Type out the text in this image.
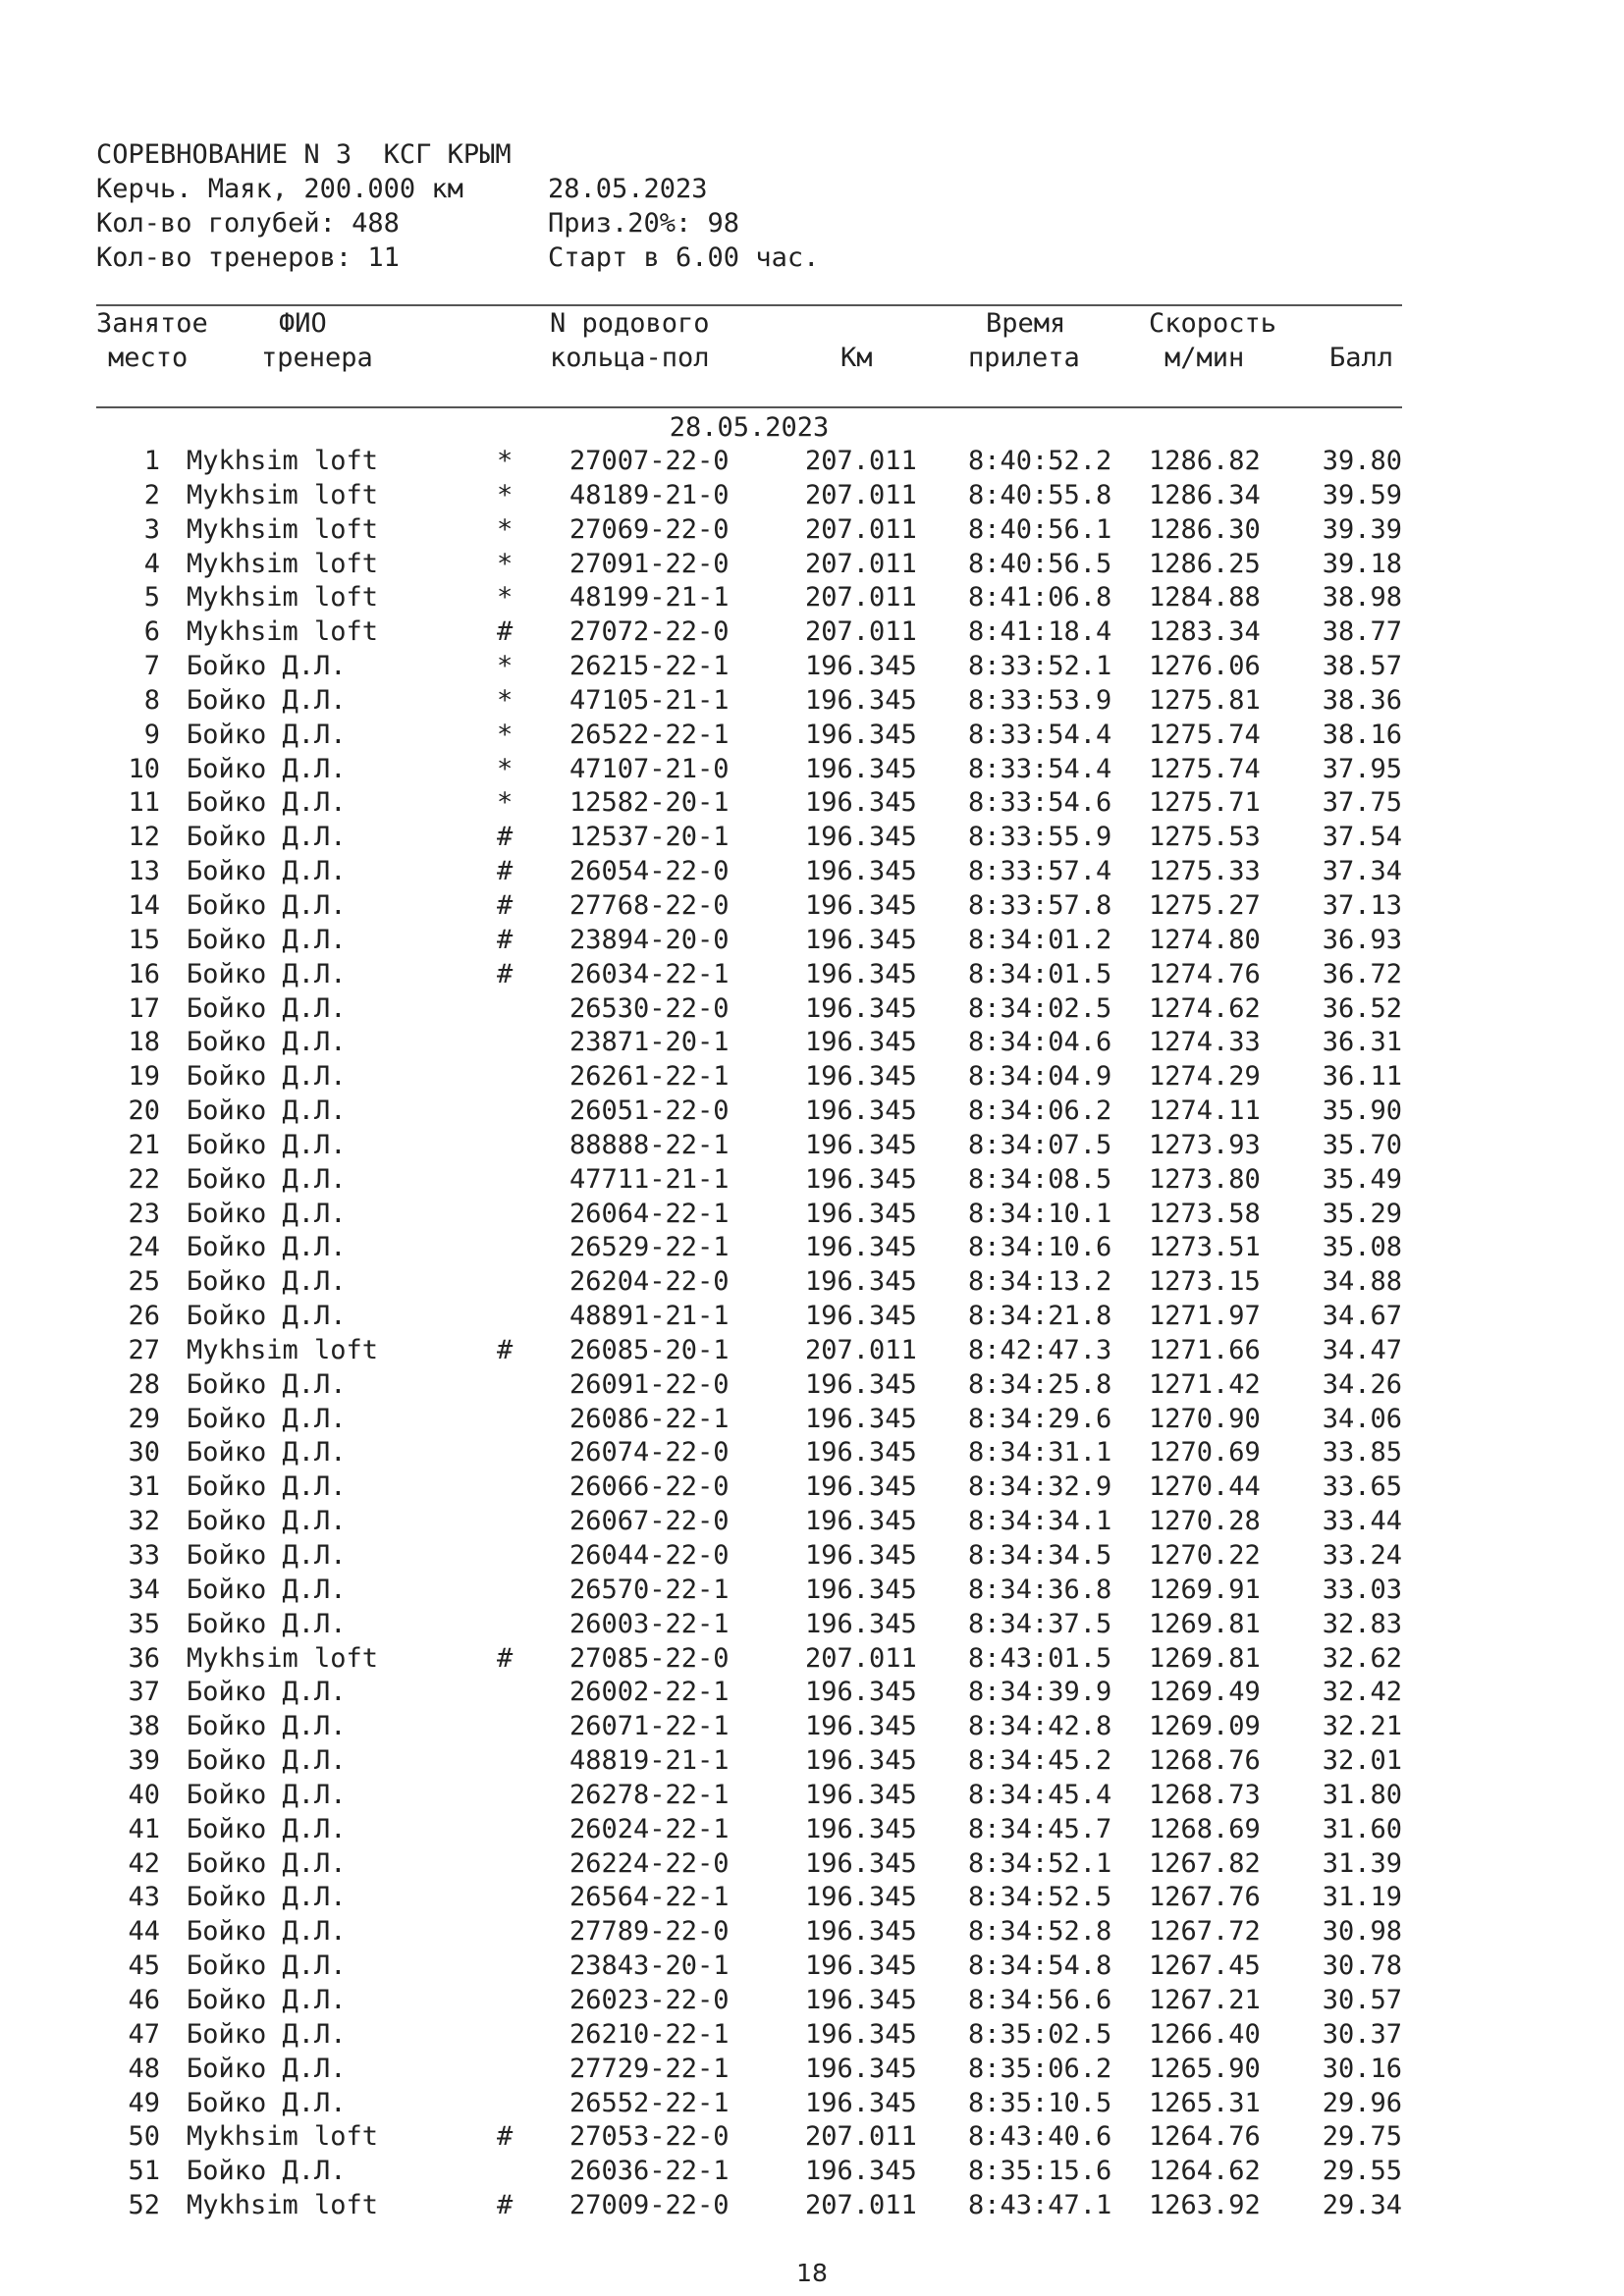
СОРЕВНОВАНИЕ N 3  КСГ КРЫМ
Керчь. Маяк, 200.000 км	28.05.2023
Кол-во голубей: 488	Приз.20%: 98
Кол-во тренеров: 11	Старт в 6.00 час.
Занятое
место
ФИО
тренера
N родового
кольца-пол
	Км
Время
прилета
Скорость
м/мин
	Балл
28.05.2023
1 Mykhsim loft	* 27007-22-0	207.011 8:40:52.2 1286.82 39.80
2 Mykhsim loft	* 48189-21-0	207.011 8:40:55.8 1286.34 39.59
3 Mykhsim loft	* 27069-22-0	207.011 8:40:56.1 1286.30 39.39
4 Mykhsim loft	* 27091-22-0	207.011 8:40:56.5 1286.25 39.18
5 Mykhsim loft	* 48199-21-1	207.011 8:41:06.8 1284.88 38.98
6 Mykhsim loft	# 27072-22-0	207.011 8:41:18.4 1283.34 38.77
7 Бойко Д.Л.	* 26215-22-1	196.345 8:33:52.1 1276.06 38.57
8 Бойко Д.Л.	* 47105-21-1	196.345 8:33:53.9 1275.81 38.36
9 Бойко Д.Л.	* 26522-22-1	196.345 8:33:54.4 1275.74 38.16
10 Бойко Д.Л.	* 47107-21-0	196.345 8:33:54.4 1275.74 37.95
11 Бойко Д.Л.	* 12582-20-1	196.345 8:33:54.6 1275.71 37.75
12 Бойко Д.Л.	# 12537-20-1	196.345 8:33:55.9 1275.53 37.54
13 Бойко Д.Л.	# 26054-22-0	196.345 8:33:57.4 1275.33 37.34
14 Бойко Д.Л.	# 27768-22-0	196.345 8:33:57.8 1275.27 37.13
15 Бойко Д.Л.	# 23894-20-0	196.345 8:34:01.2 1274.80 36.93
16 Бойко Д.Л.	# 26034-22-1	196.345 8:34:01.5 1274.76 36.72
17 Бойко Д.Л.	26530-22-0	196.345 8:34:02.5 1274.62 36.52
18 Бойко Д.Л.	23871-20-1	196.345 8:34:04.6 1274.33 36.31
19 Бойко Д.Л.	26261-22-1	196.345 8:34:04.9 1274.29 36.11
20 Бойко Д.Л.	26051-22-0	196.345 8:34:06.2 1274.11 35.90
21 Бойко Д.Л.	88888-22-1	196.345 8:34:07.5 1273.93 35.70
22 Бойко Д.Л.	47711-21-1	196.345 8:34:08.5 1273.80 35.49
23 Бойко Д.Л.	26064-22-1	196.345 8:34:10.1 1273.58 35.29
24 Бойко Д.Л.	26529-22-1	196.345 8:34:10.6 1273.51 35.08
25 Бойко Д.Л.	26204-22-0	196.345 8:34:13.2 1273.15 34.88
26 Бойко Д.Л.	48891-21-1	196.345 8:34:21.8 1271.97 34.67
27 Mykhsim loft	# 26085-20-1	207.011 8:42:47.3 1271.66 34.47
28 Бойко Д.Л.	26091-22-0	196.345 8:34:25.8 1271.42 34.26
29 Бойко Д.Л.	26086-22-1	196.345 8:34:29.6 1270.90 34.06
30 Бойко Д.Л.	26074-22-0	196.345 8:34:31.1 1270.69 33.85
31 Бойко Д.Л.	26066-22-0	196.345 8:34:32.9 1270.44 33.65
32 Бойко Д.Л.	26067-22-0	196.345 8:34:34.1 1270.28 33.44
33 Бойко Д.Л.	26044-22-0	196.345 8:34:34.5 1270.22 33.24
34 Бойко Д.Л.	26570-22-1	196.345 8:34:36.8 1269.91 33.03
35 Бойко Д.Л.	26003-22-1	196.345 8:34:37.5 1269.81 32.83
36 Mykhsim loft	# 27085-22-0	207.011 8:43:01.5 1269.81 32.62
37 Бойко Д.Л.	26002-22-1	196.345 8:34:39.9 1269.49 32.42
38 Бойко Д.Л.	26071-22-1	196.345 8:34:42.8 1269.09 32.21
39 Бойко Д.Л.	48819-21-1	196.345 8:34:45.2 1268.76 32.01
40 Бойко Д.Л.	26278-22-1	196.345 8:34:45.4 1268.73 31.80
41 Бойко Д.Л.	26024-22-1	196.345 8:34:45.7 1268.69 31.60
42 Бойко Д.Л.	26224-22-0	196.345 8:34:52.1 1267.82 31.39
43 Бойко Д.Л.	26564-22-1	196.345 8:34:52.5 1267.76 31.19
44 Бойко Д.Л.	27789-22-0	196.345 8:34:52.8 1267.72 30.98
45 Бойко Д.Л.	23843-20-1	196.345 8:34:54.8 1267.45 30.78
46 Бойко Д.Л.	26023-22-0	196.345 8:34:56.6 1267.21 30.57
47 Бойко Д.Л.	26210-22-1	196.345 8:35:02.5 1266.40 30.37
48 Бойко Д.Л.	27729-22-1	196.345 8:35:06.2 1265.90 30.16
49 Бойко Д.Л.	26552-22-1	196.345 8:35:10.5 1265.31 29.96
50 Mykhsim loft	# 27053-22-0	207.011 8:43:40.6 1264.76 29.75
51 Бойко Д.Л.	26036-22-1	196.345 8:35:15.6 1264.62 29.55
52 Mykhsim loft	# 27009-22-0	207.011 8:43:47.1 1263.92 29.34
18
